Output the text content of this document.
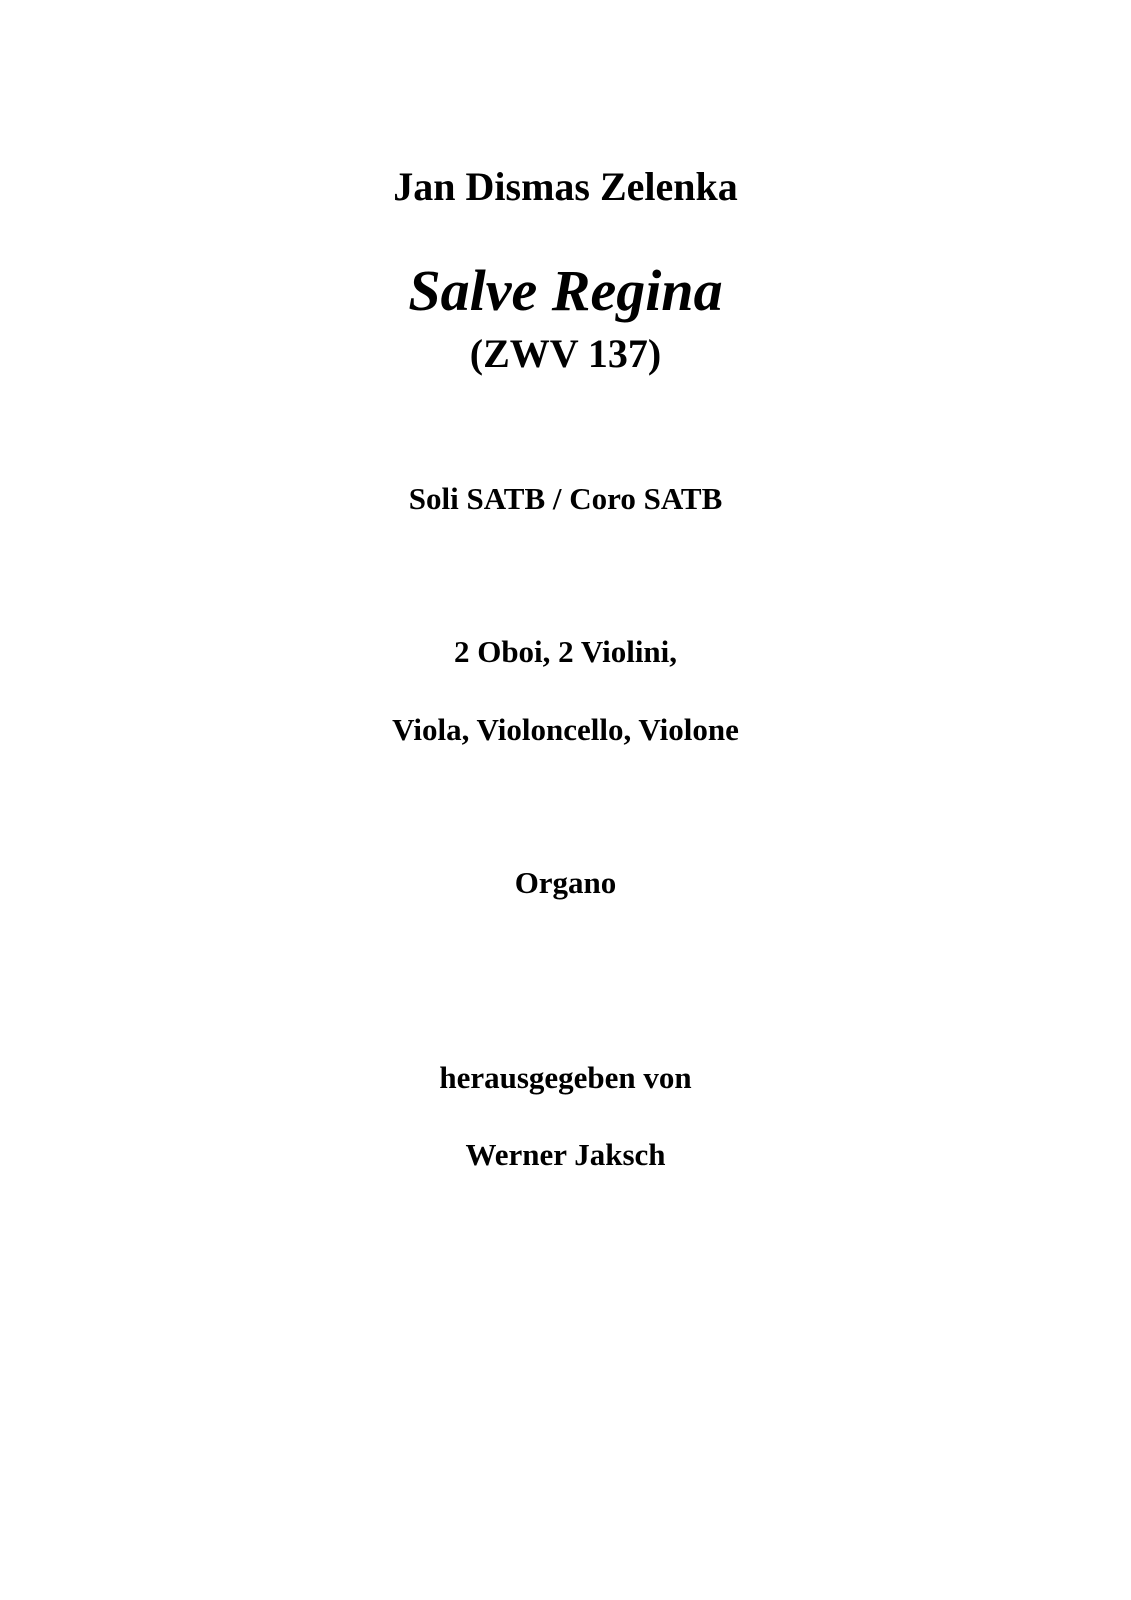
Jan Dismas Zelenka
Salve Regina
(ZWV 137)
Soli SATB / Coro SATB
2 Oboi, 2 Violini,
Viola, Violoncello, Violone
Organo
herausgegeben von
Werner Jaksch
